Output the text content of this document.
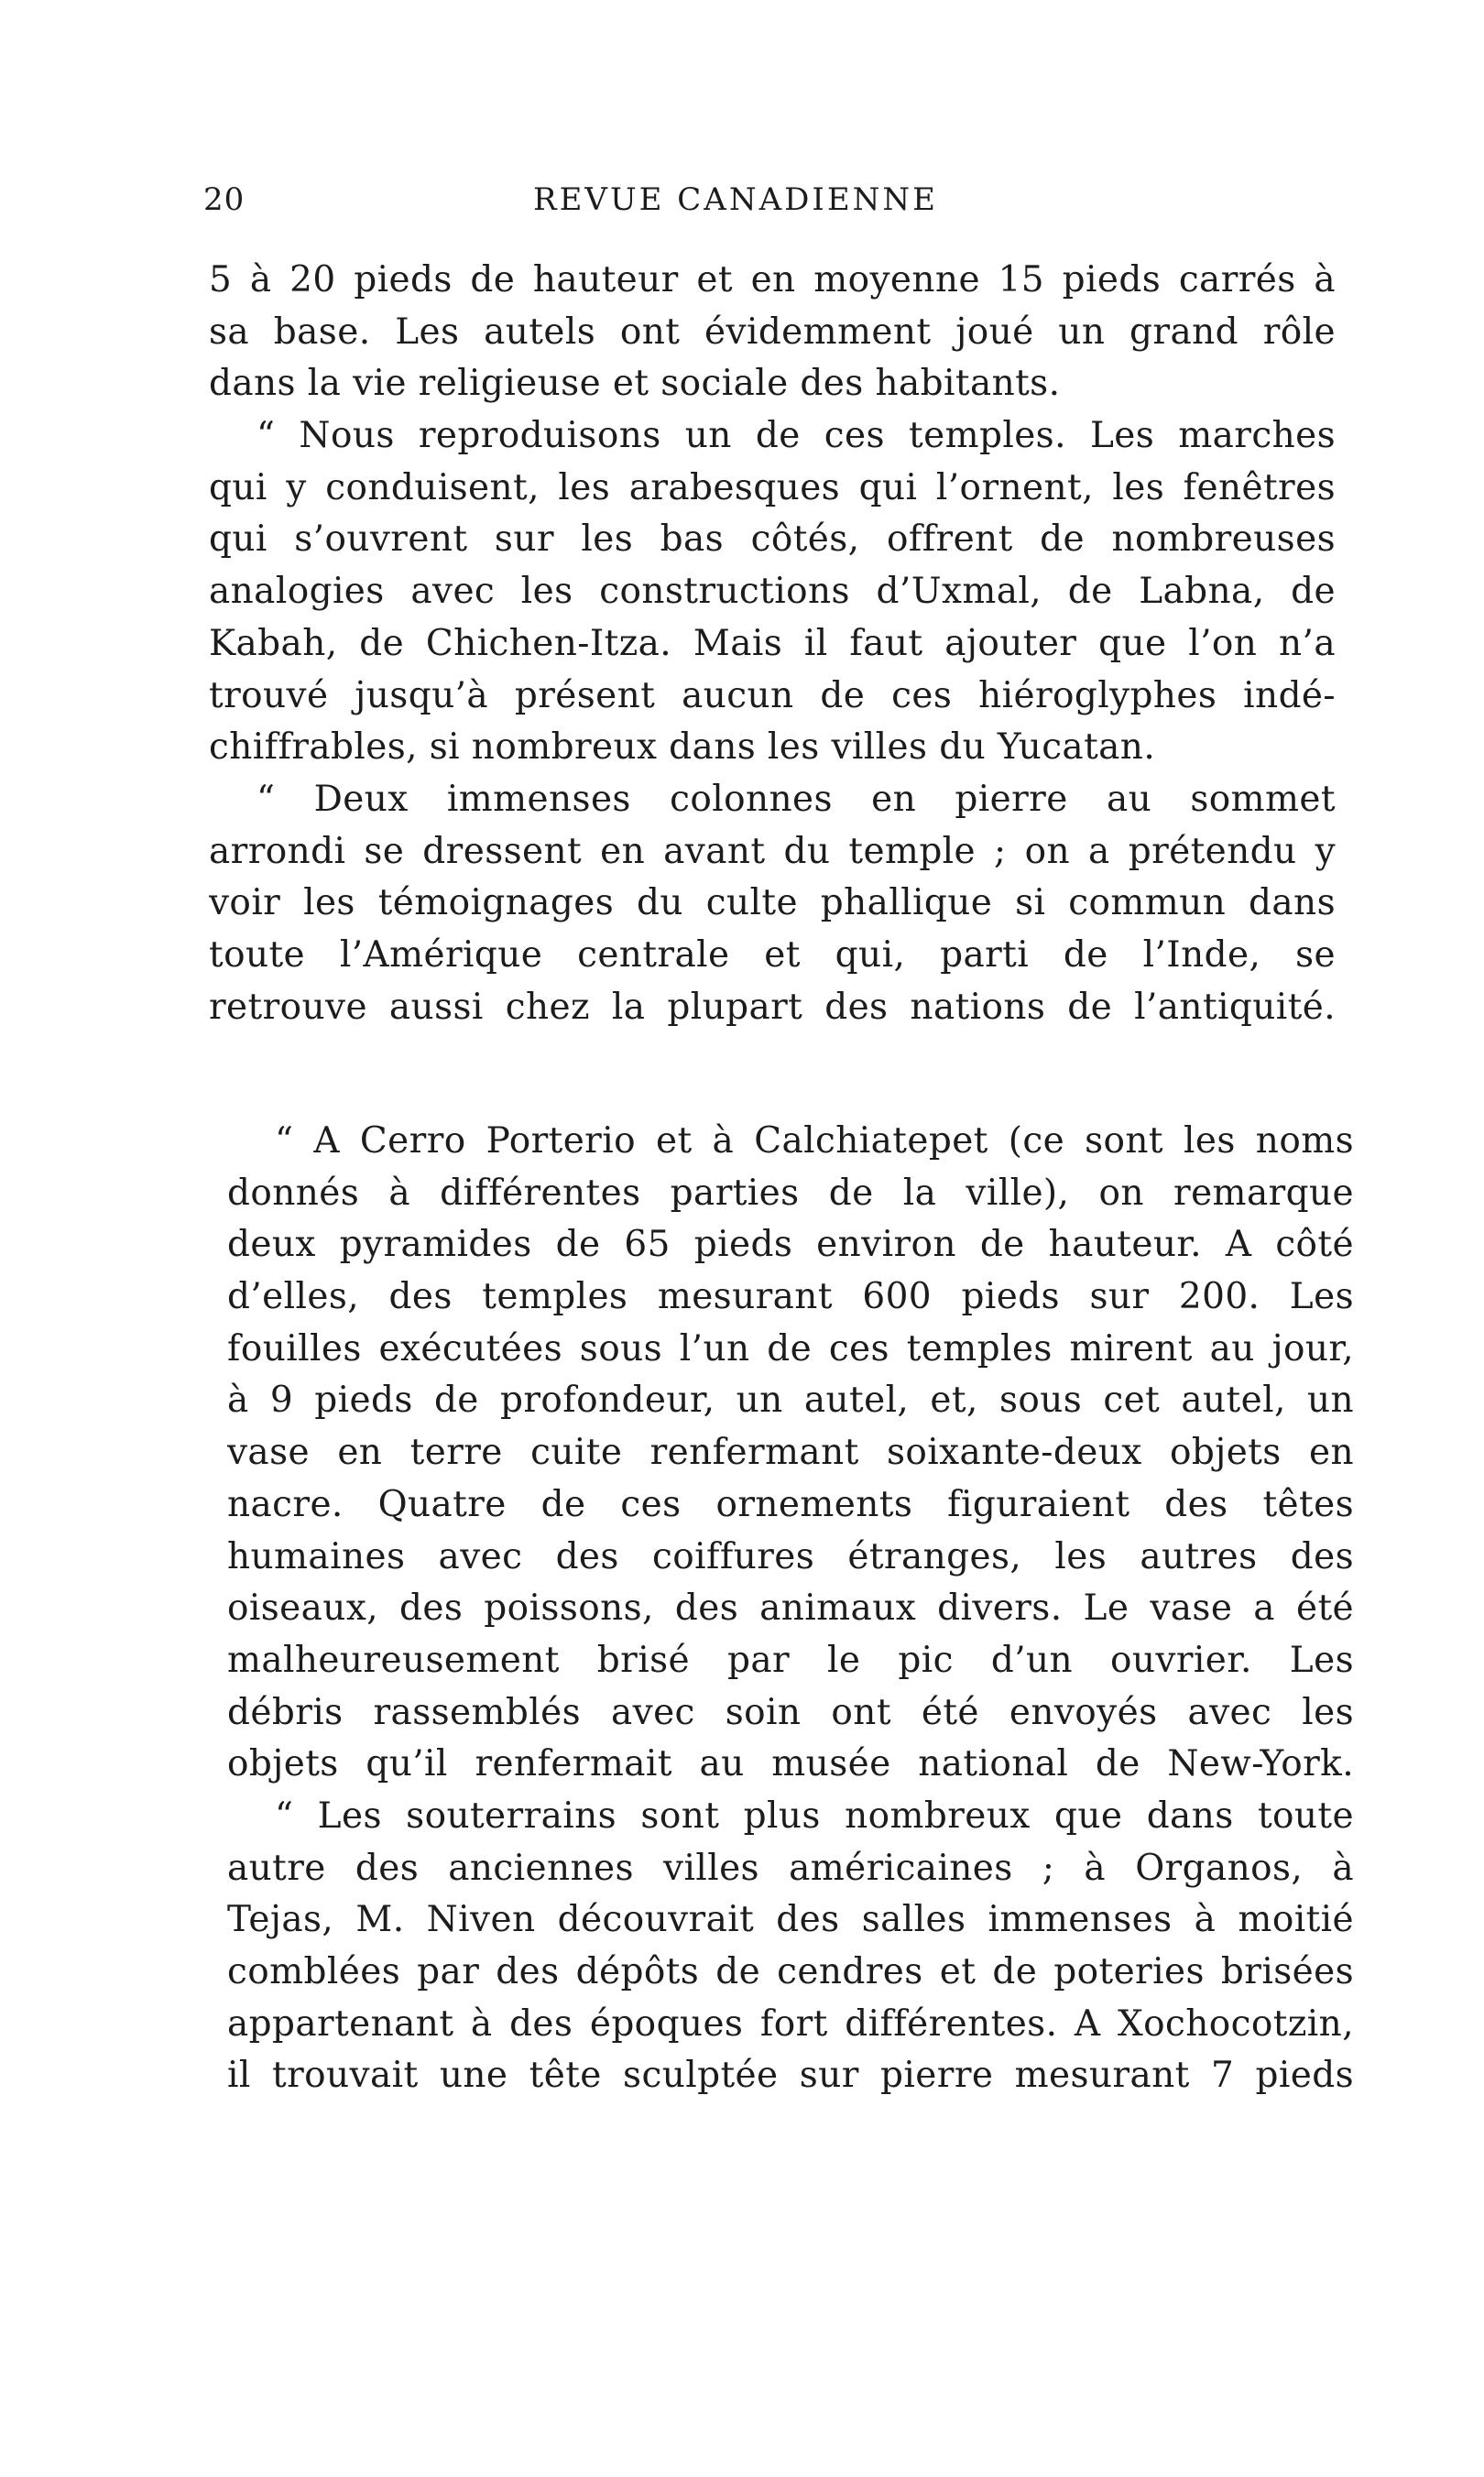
20	REVUE CANADIENNE
5 à 20 pieds de hauteur et en moyenne 15 pieds carrés à
sa base. Les autels ont évidemment joué un grand rôle
dans la vie religieuse et sociale des habitants.
“ Nous reproduisons un de ces temples. Les marches
qui y conduisent, les arabesques qui l’ornent, les fenêtres
qui s’ouvrent sur les bas côtés, offrent de nombreuses
analogies avec les constructions d’Uxmal, de Labna, de
Kabah, de Chichen-Itza. Mais il faut ajouter que l’on n’a
trouvé jusqu’à présent aucun de ces hiéroglyphes indé-
chiffrables, si nombreux dans les villes du Yucatan.
“ Deux immenses colonnes en pierre au sommet
arrondi se dressent en avant du temple ; on a prétendu y
voir les témoignages du culte phallique si commun dans
toute l’Amérique centrale et qui, parti de l’Inde, se
retrouve aussi chez la plupart des nations de l’antiquité.
“ A Cerro Porterio et à Calchiatepet (ce sont les noms
donnés à différentes parties de la ville), on remarque
deux pyramides de 65 pieds environ de hauteur. A côté
d’elles, des temples mesurant 600 pieds sur 200. Les
fouilles exécutées sous l’un de ces temples mirent au jour,
à 9 pieds de profondeur, un autel, et, sous cet autel, un
vase en terre cuite renfermant soixante-deux objets en
nacre. Quatre de ces ornements figuraient des têtes
humaines avec des coiffures étranges, les autres des
oiseaux, des poissons, des animaux divers. Le vase a été
malheureusement brisé par le pic d’un ouvrier. Les
débris rassemblés avec soin ont été envoyés avec les
objets qu’il renfermait au musée national de New-York.
“ Les souterrains sont plus nombreux que dans toute
autre des anciennes villes américaines ; à Organos, à
Tejas, M. Niven découvrait des salles immenses à moitié
comblées par des dépôts de cendres et de poteries brisées
appartenant à des époques fort différentes. A Xochocotzin,
il trouvait une tête sculptée sur pierre mesurant 7 pieds
